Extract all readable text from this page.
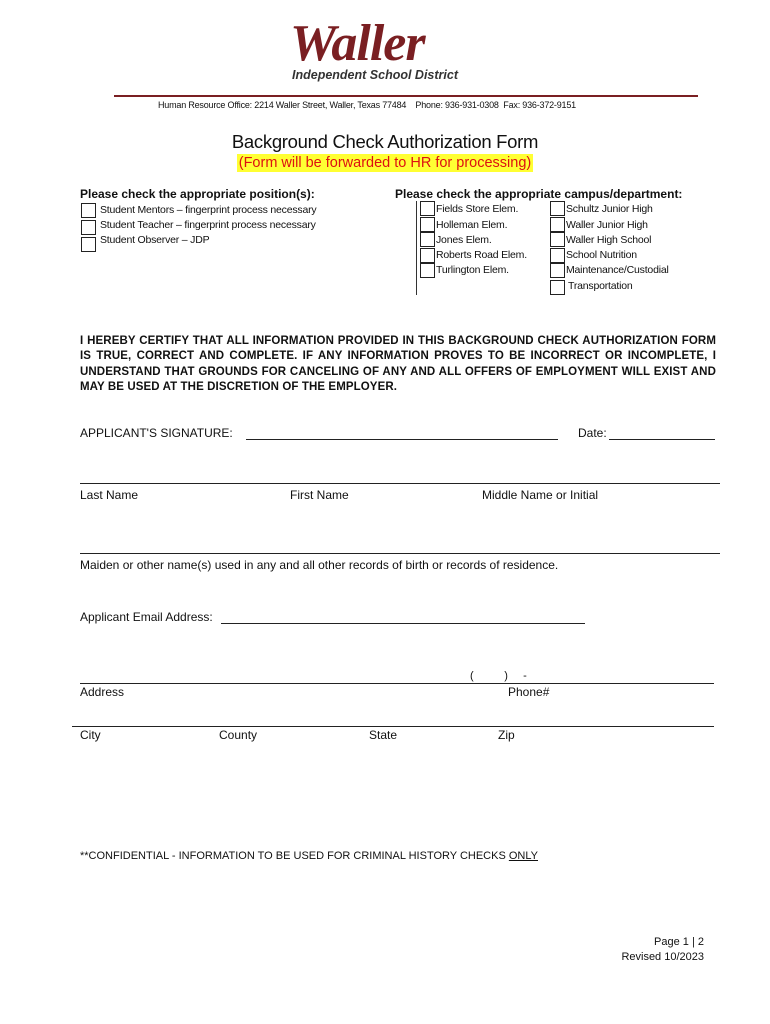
Waller
Independent School District
Human Resource Office: 2214 Waller Street, Waller, Texas 77484    Phone: 936-931-0308  Fax: 936-372-9151
Background Check Authorization Form
(Form will be forwarded to HR for processing)
Please check the appropriate position(s):
Student Mentors – fingerprint process necessary
Student Teacher – fingerprint process necessary
Student Observer – JDP
Please check the appropriate campus/department:
Fields Store Elem.
Holleman Elem.
Jones Elem.
Roberts Road Elem.
Turlington Elem.
Schultz Junior High
Waller Junior High
Waller High School
School Nutrition
Maintenance/Custodial
Transportation
I HEREBY CERTIFY THAT ALL INFORMATION PROVIDED IN THIS BACKGROUND CHECK AUTHORIZATION FORM IS TRUE, CORRECT AND COMPLETE. IF ANY INFORMATION PROVES TO BE INCORRECT OR INCOMPLETE, I UNDERSTAND THAT GROUNDS FOR CANCELING OF ANY AND ALL OFFERS OF EMPLOYMENT WILL EXIST AND MAY BE USED AT THE DISCRETION OF THE EMPLOYER.
APPLICANT'S SIGNATURE:	Date:
Last Name	First Name	Middle Name or Initial
Maiden or other name(s) used in any and all other records of birth or records of residence.
Applicant Email Address:
(          )     -
Address	Phone#
City	County	State	Zip
**CONFIDENTIAL - INFORMATION TO BE USED FOR CRIMINAL HISTORY CHECKS ONLY
Page 1 | 2
Revised 10/2023
